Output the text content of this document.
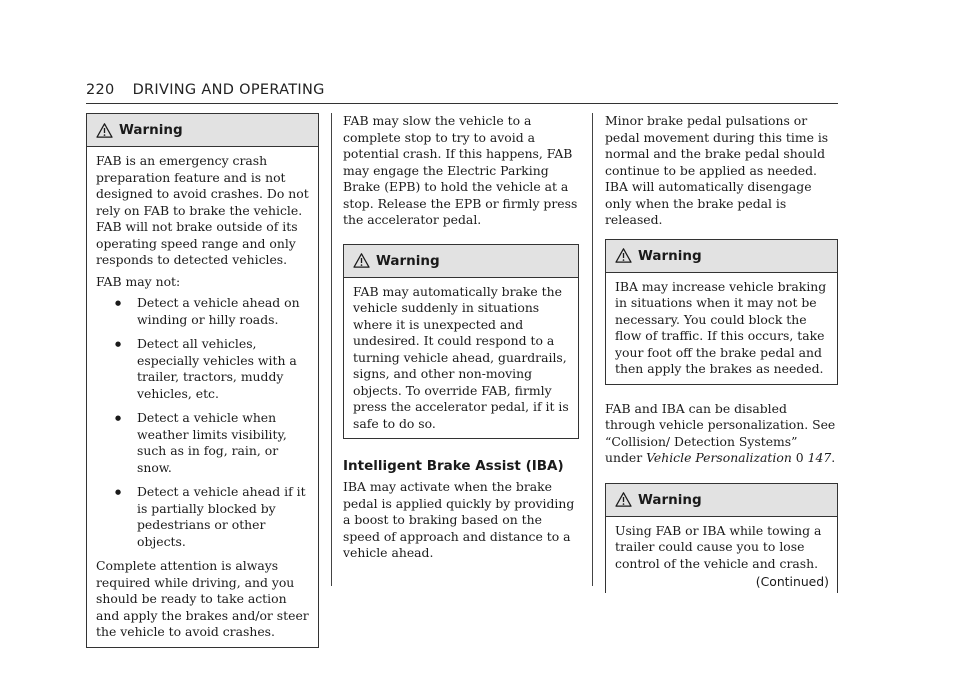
220 DRIVING AND OPERATING
Warning

FAB is an emergency crash preparation feature and is not designed to avoid crashes. Do not rely on FAB to brake the vehicle. FAB will not brake outside of its operating speed range and only responds to detected vehicles.

FAB may not:

● Detect a vehicle ahead on winding or hilly roads.
● Detect all vehicles, especially vehicles with a trailer, tractors, muddy vehicles, etc.
● Detect a vehicle when weather limits visibility, such as in fog, rain, or snow.
● Detect a vehicle ahead if it is partially blocked by pedestrians or other objects.

Complete attention is always required while driving, and you should be ready to take action and apply the brakes and/or steer the vehicle to avoid crashes.

FAB may slow the vehicle to a complete stop to try to avoid a potential crash. If this happens, FAB may engage the Electric Parking Brake (EPB) to hold the vehicle at a stop. Release the EPB or firmly press the accelerator pedal.

Warning

FAB may automatically brake the vehicle suddenly in situations where it is unexpected and undesired. It could respond to a turning vehicle ahead, guardrails, signs, and other non-moving objects. To override FAB, firmly press the accelerator pedal, if it is safe to do so.

Intelligent Brake Assist (IBA)

IBA may activate when the brake pedal is applied quickly by providing a boost to braking based on the speed of approach and distance to a vehicle ahead.

Minor brake pedal pulsations or pedal movement during this time is normal and the brake pedal should continue to be applied as needed. IBA will automatically disengage only when the brake pedal is released.

Warning

IBA may increase vehicle braking in situations when it may not be necessary. You could block the flow of traffic. If this occurs, take your foot off the brake pedal and then apply the brakes as needed.

FAB and IBA can be disabled through vehicle personalization. See “Collision/ Detection Systems” under Vehicle Personalization 0 147.

Warning

Using FAB or IBA while towing a trailer could cause you to lose control of the vehicle and crash.

(Continued)
